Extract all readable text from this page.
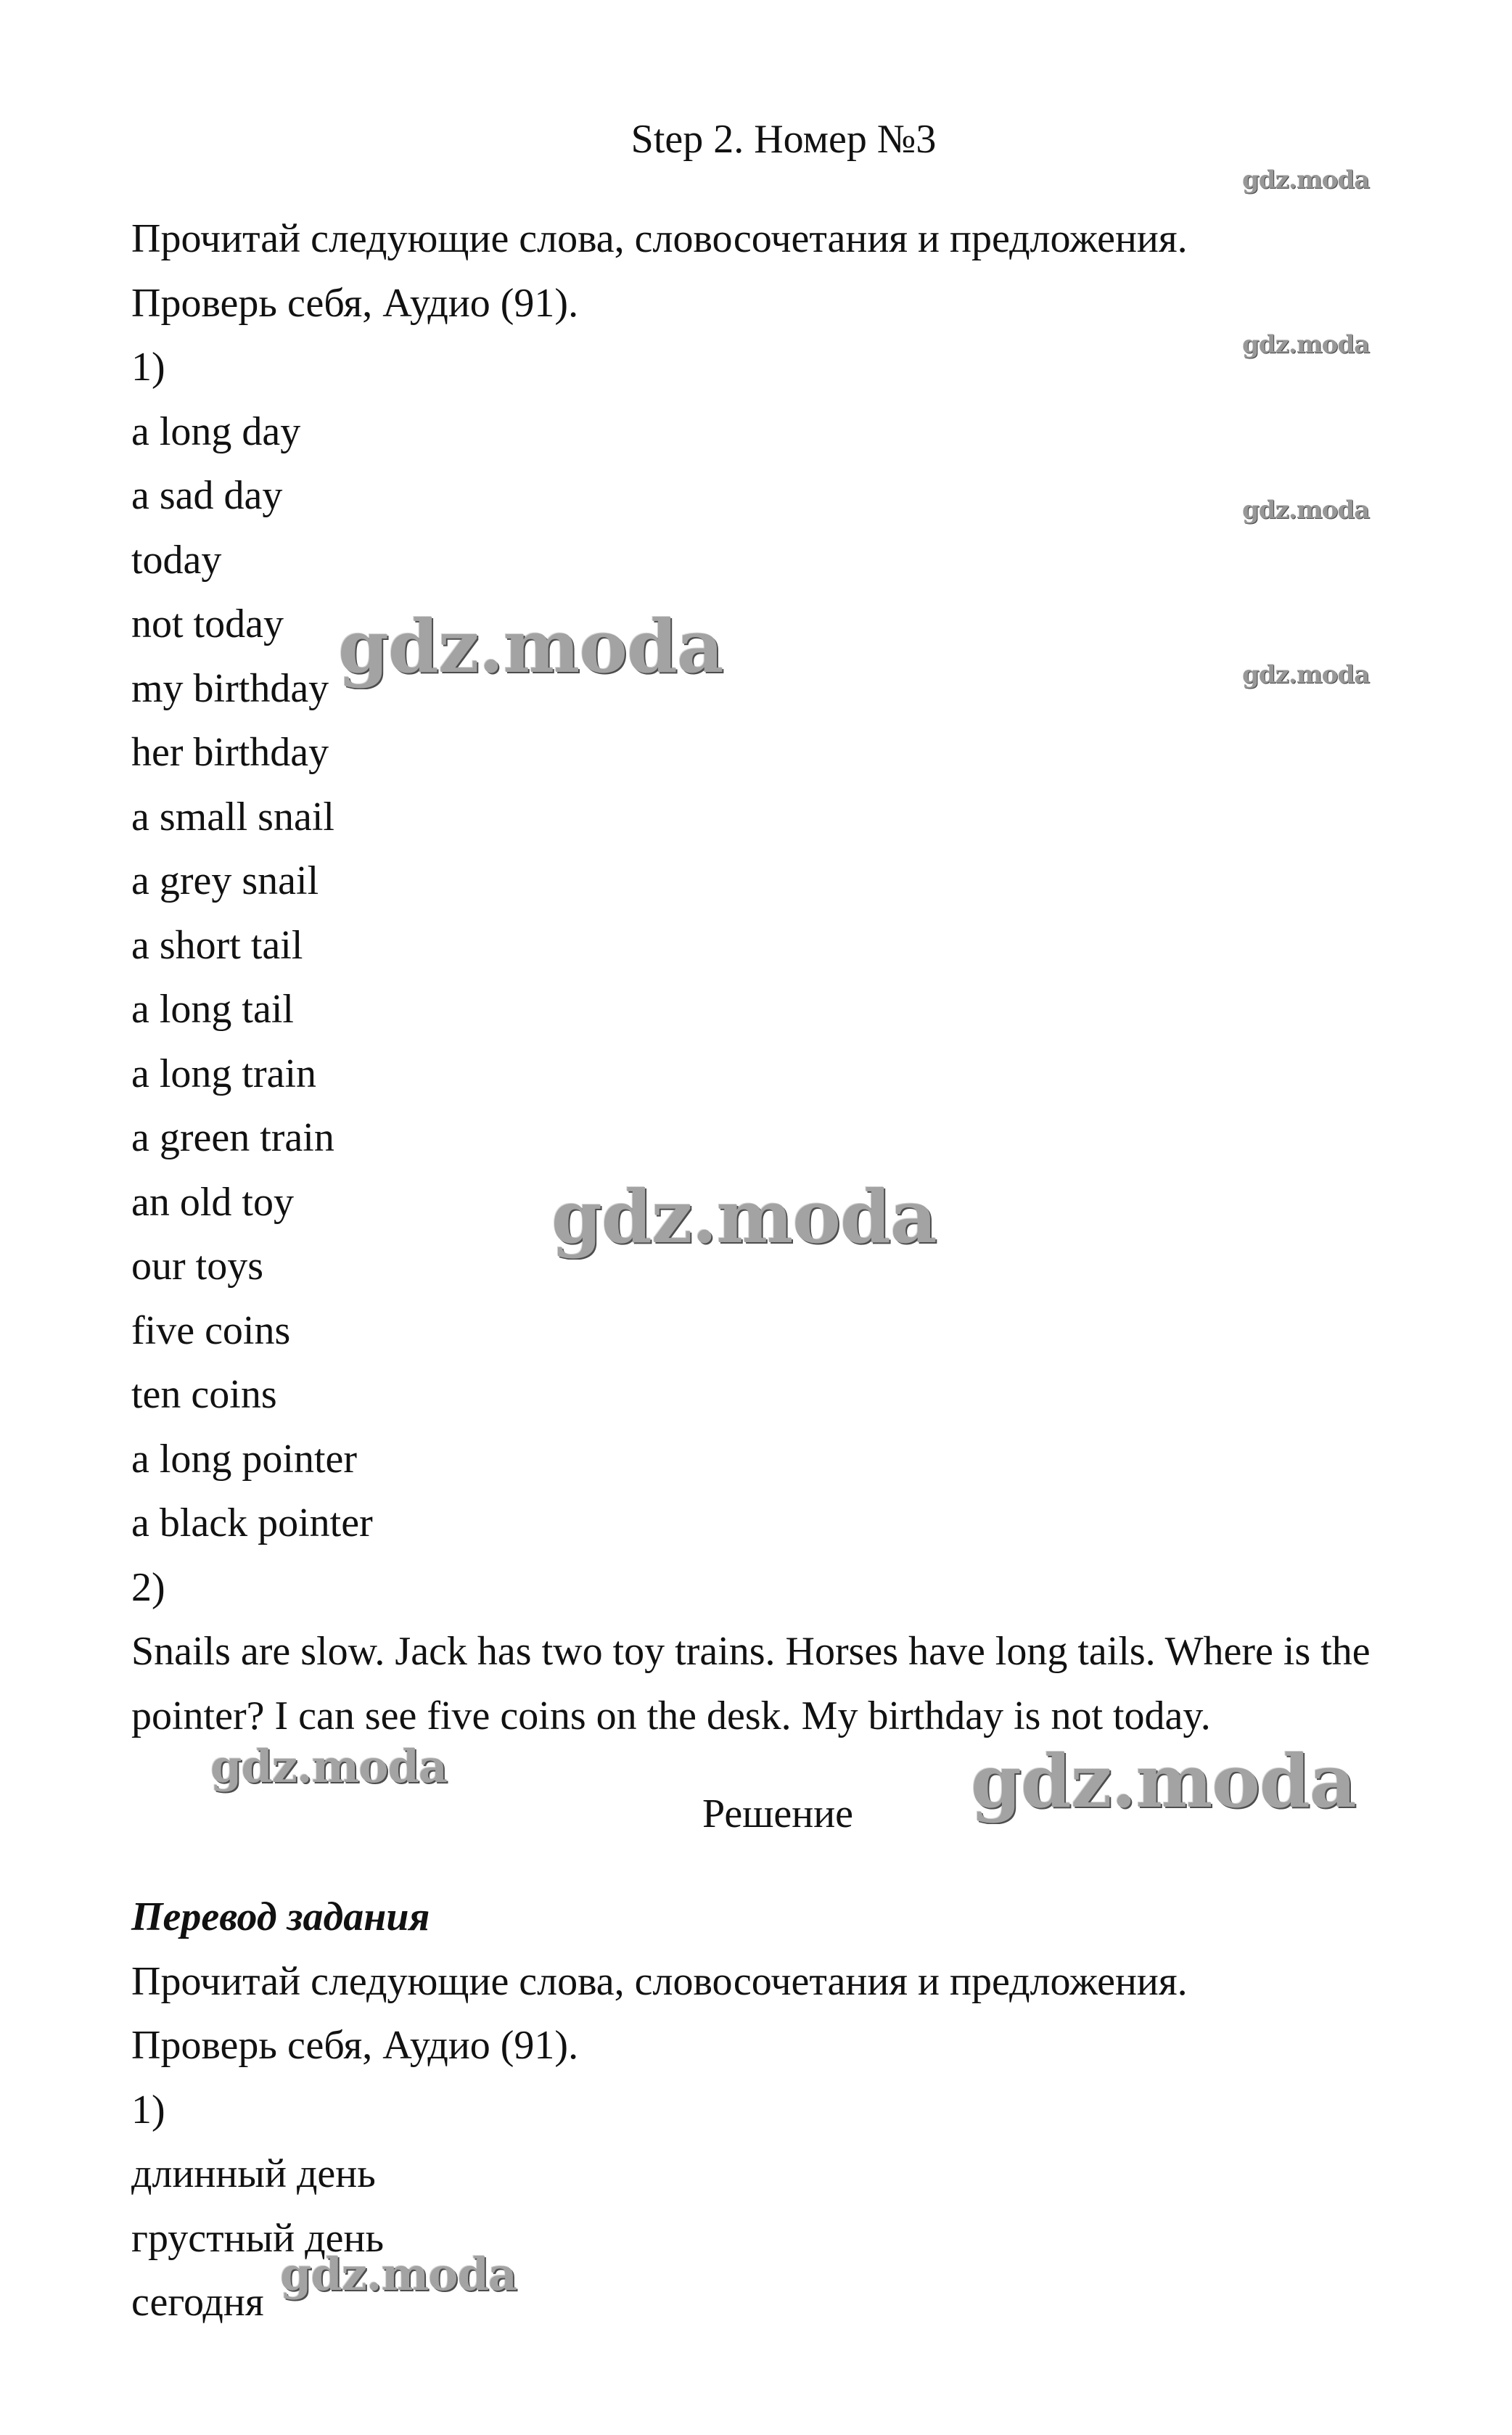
Step 2. Номер №3
Прочитай следующие слова, словосочетания и предложения.
Проверь себя, Аудио (91).
1)
a long day
a sad day
today
not today
my birthday
her birthday
a small snail
a grey snail
a short tail
a long tail
a long train
a green train
an old toy
our toys
five coins
ten coins
a long pointer
a black pointer
2)
Snails are slow. Jack has two toy trains. Horses have long tails. Where is the pointer? I can see five coins on the desk. My birthday is not today.
Решение
Перевод задания
Прочитай следующие слова, словосочетания и предложения.
Проверь себя, Аудио (91).
1)
длинный день
грустный день
сегодня
gdz.moda
gdz.moda
gdz.moda
gdz.moda
gdz.moda
gdz.moda
gdz.moda	gdz.moda
gdz.moda
